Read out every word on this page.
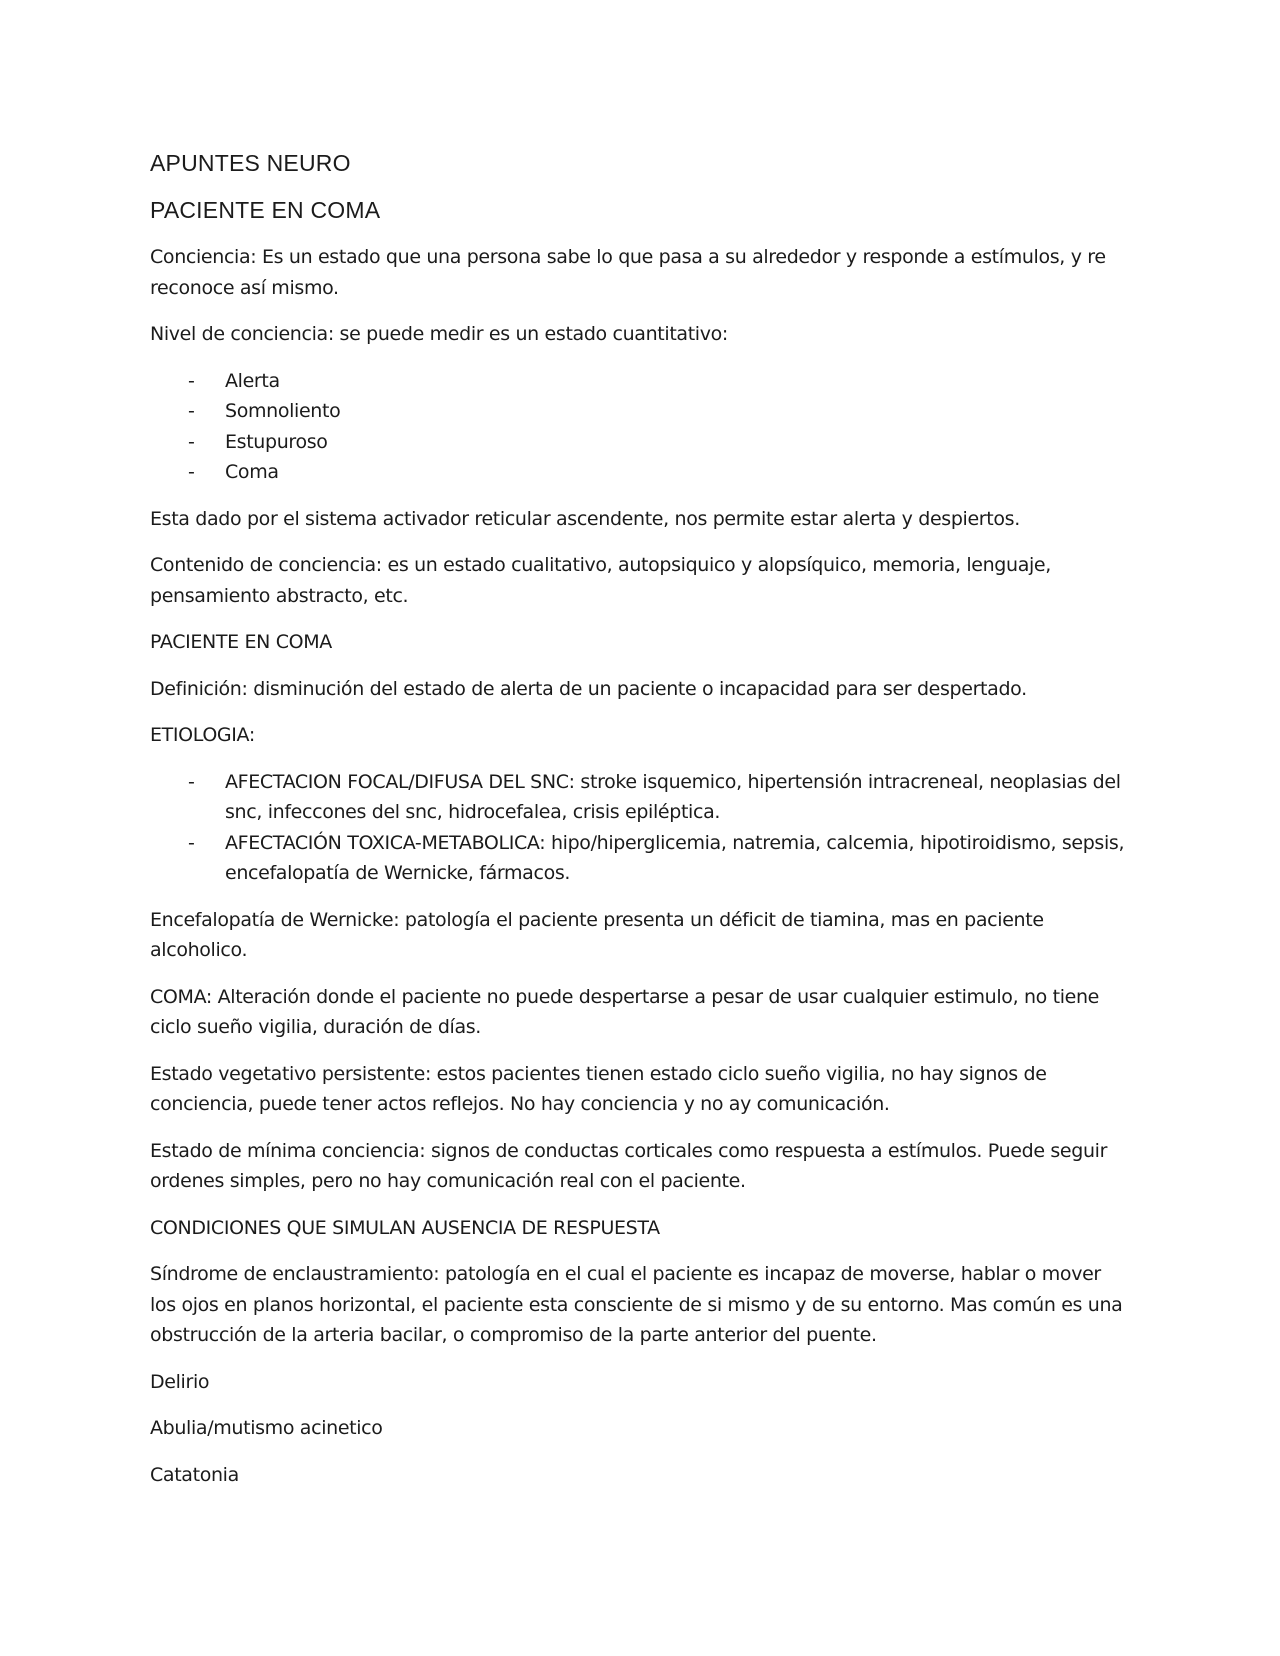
APUNTES NEURO
PACIENTE EN COMA

Conciencia: Es un estado que una persona sabe lo que pasa a su alrededor y responde a estímulos, y re reconoce así mismo.

Nivel de conciencia: se puede medir es un estado cuantitativo:

- Alerta
- Somnoliento
- Estupuroso
- Coma

Esta dado por el sistema activador reticular ascendente, nos permite estar alerta y despiertos.

Contenido de conciencia: es un estado cualitativo, autopsiquico y alopsíquico, memoria, lenguaje, pensamiento abstracto, etc.

PACIENTE EN COMA

Definición: disminución del estado de alerta de un paciente o incapacidad para ser despertado.

ETIOLOGIA:

- AFECTACION FOCAL/DIFUSA DEL SNC: stroke isquemico, hipertensión intracreneal, neoplasias del snc, infeccones del snc, hidrocefalea, crisis epiléptica.
- AFECTACIÓN TOXICA-METABOLICA: hipo/hiperglicemia, natremia, calcemia, hipotiroidismo, sepsis, encefalopatía de Wernicke, fármacos.

Encefalopatía de Wernicke: patología el paciente presenta un déficit de tiamina, mas en paciente alcoholico.

COMA: Alteración donde el paciente no puede despertarse a pesar de usar cualquier estimulo, no tiene ciclo sueño vigilia, duración de días.

Estado vegetativo persistente: estos pacientes tienen estado ciclo sueño vigilia, no hay signos de conciencia, puede tener actos reflejos. No hay conciencia y no ay comunicación.

Estado de mínima conciencia: signos de conductas corticales como respuesta a estímulos. Puede seguir ordenes simples, pero no hay comunicación real con el paciente.

CONDICIONES QUE SIMULAN AUSENCIA DE RESPUESTA

Síndrome de enclaustramiento: patología en el cual el paciente es incapaz de moverse, hablar o mover los ojos en planos horizontal, el paciente esta consciente de si mismo y de su entorno. Mas común es una obstrucción de la arteria bacilar, o compromiso de la parte anterior del puente.

Delirio

Abulia/mutismo acinetico

Catatonia
